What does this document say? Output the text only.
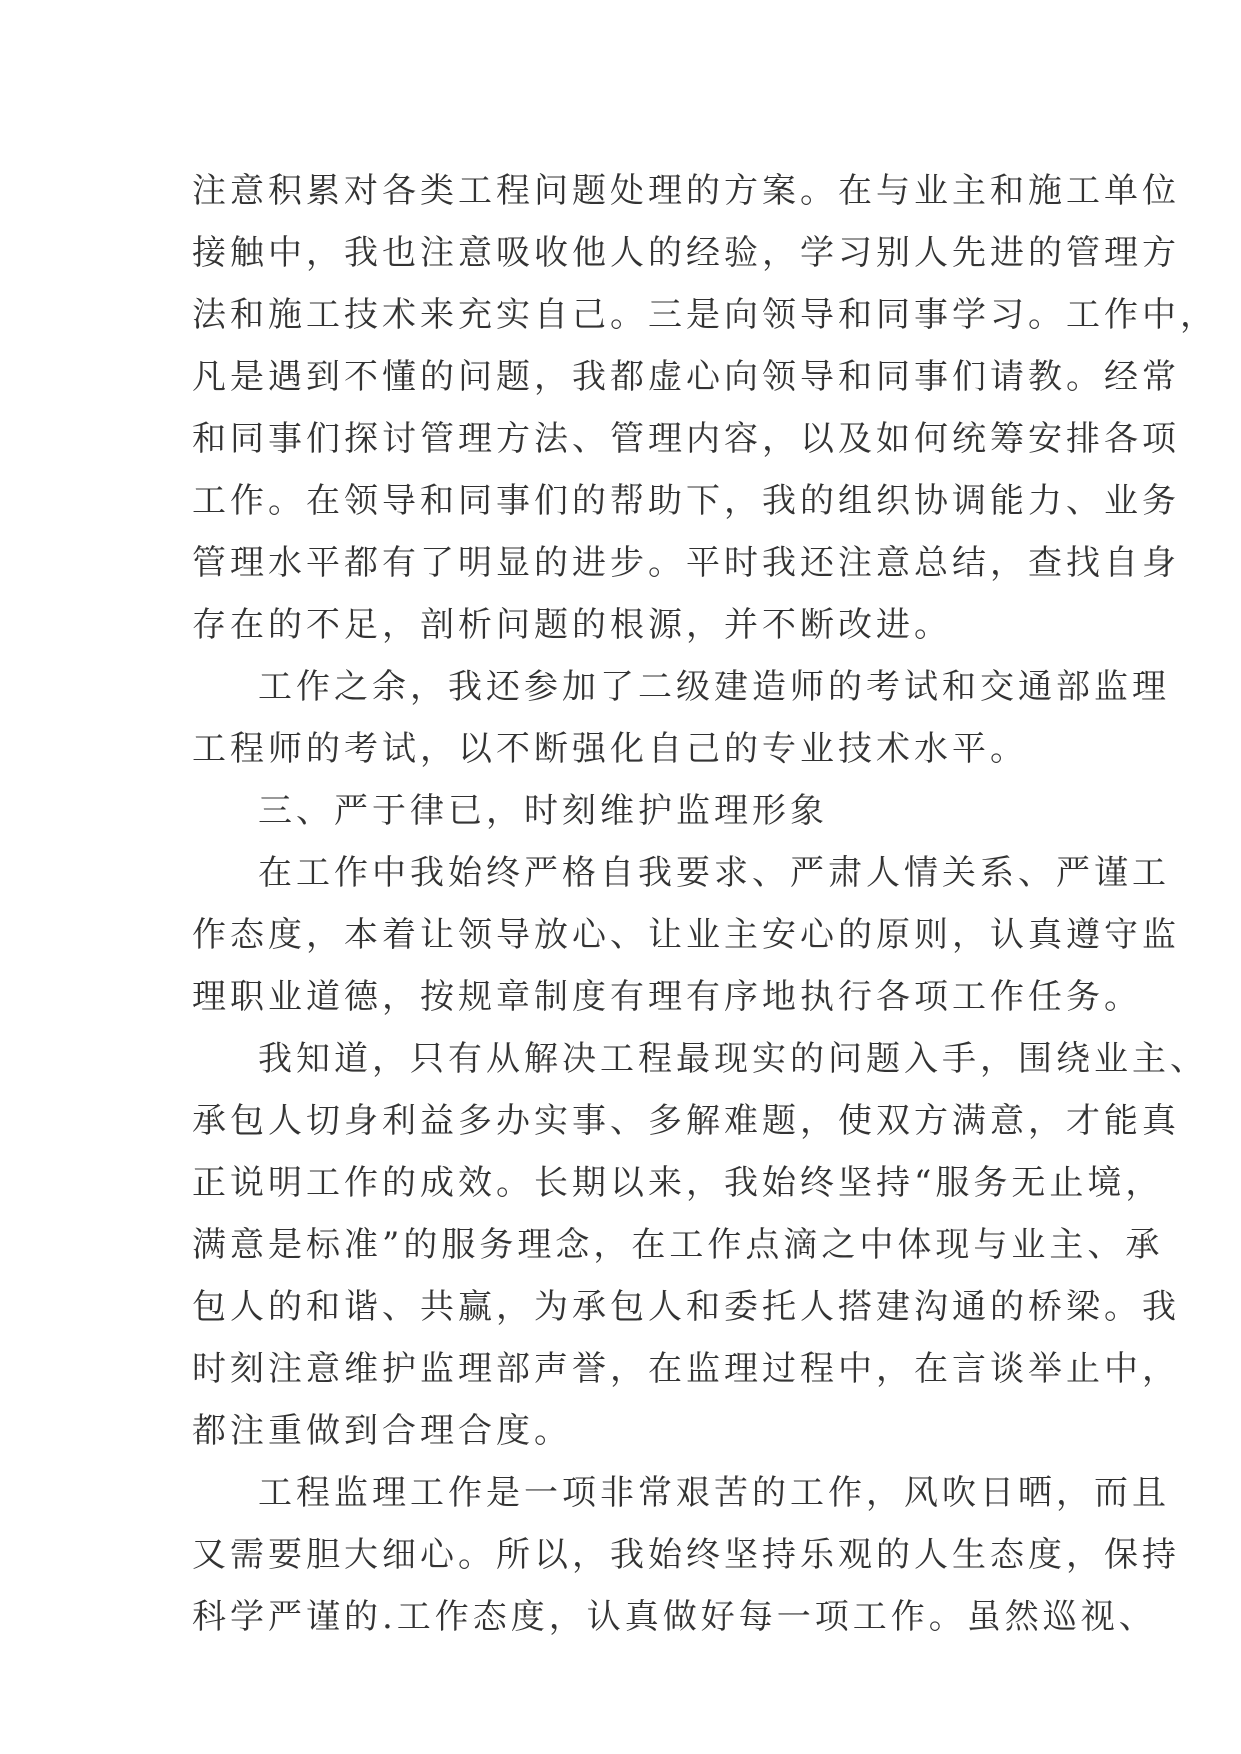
注意积累对各类工程问题处理的方案。在与业主和施工单位
接触中，我也注意吸收他人的经验，学习别人先进的管理方
法和施工技术来充实自己。三是向领导和同事学习。工作中，
凡是遇到不懂的问题，我都虚心向领导和同事们请教。经常
和同事们探讨管理方法、管理内容，以及如何统筹安排各项
工作。在领导和同事们的帮助下，我的组织协调能力、业务
管理水平都有了明显的进步。平时我还注意总结，查找自身
存在的不足，剖析问题的根源，并不断改进。
工作之余，我还参加了二级建造师的考试和交通部监理
工程师的考试，以不断强化自己的专业技术水平。
三、严于律已，时刻维护监理形象
在工作中我始终严格自我要求、严肃人情关系、严谨工
作态度，本着让领导放心、让业主安心的原则，认真遵守监
理职业道德，按规章制度有理有序地执行各项工作任务。
我知道，只有从解决工程最现实的问题入手，围绕业主、
承包人切身利益多办实事、多解难题，使双方满意，才能真
正说明工作的成效。长期以来，我始终坚持“服务无止境，
满意是标准”的服务理念，在工作点滴之中体现与业主、承
包人的和谐、共赢，为承包人和委托人搭建沟通的桥梁。我
时刻注意维护监理部声誉，在监理过程中，在言谈举止中，
都注重做到合理合度。
工程监理工作是一项非常艰苦的工作，风吹日晒，而且
又需要胆大细心。所以，我始终坚持乐观的人生态度，保持
科学严谨的.工作态度，认真做好每一项工作。虽然巡视、
